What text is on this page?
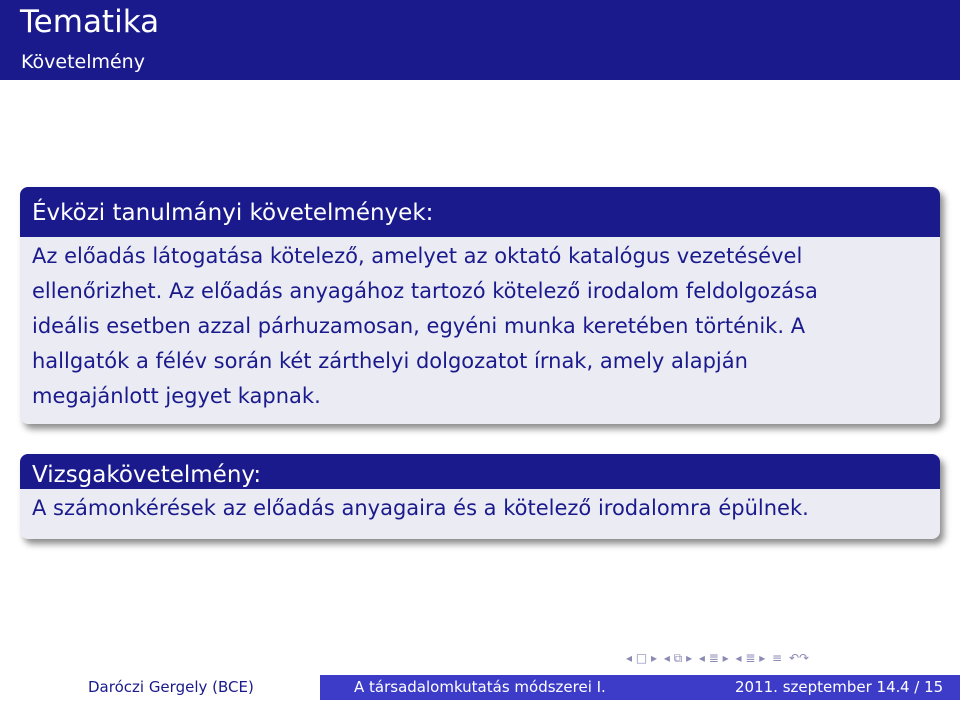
Tematika
Követelmény
Évközi tanulmányi követelmények:
Az előadás látogatása kötelező, amelyet az oktató katalógus vezetésével
ellenőrizhet. Az előadás anyagához tartozó kötelező irodalom feldolgozása
ideális esetben azzal párhuzamosan, egyéni munka keretében történik. A
hallgatók a félév során két zárthelyi dolgozatot írnak, amely alapján
megajánlott jegyet kapnak.
Vizsgakövetelmény:
A számonkérések az előadás anyagaira és a kötelező irodalomra épülnek.
◂ □ ▸ ◂ ⧉ ▸ ◂ ≣ ▸ ◂ ≣ ▸ ≡ ↶↷
Daróczi Gergely (BCE)	A társadalomkutatás módszerei I. (1/14)
2011. szeptember 14. 4 / 15
